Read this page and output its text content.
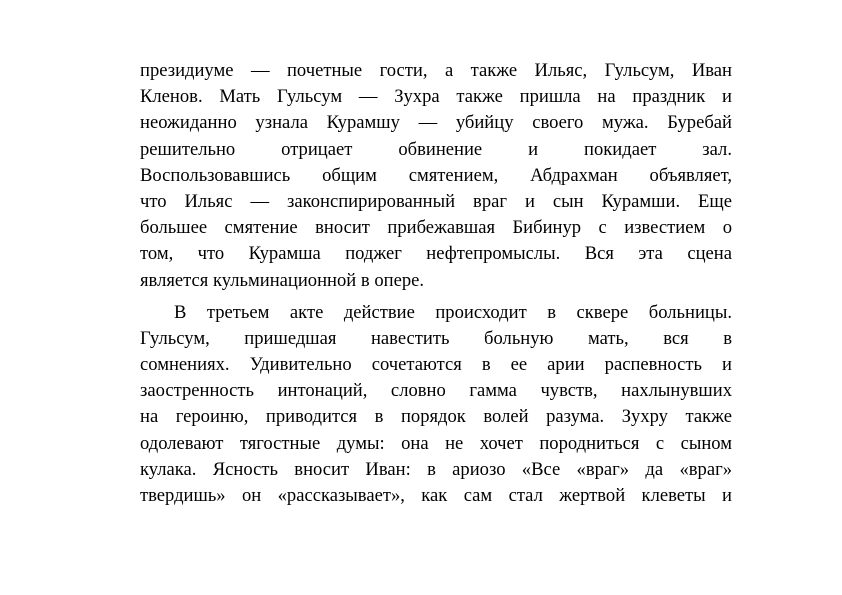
президиуме — почетные гости, а также Ильяс, Гульсум, Иван
Кленов. Мать Гульсум — Зухра также пришла на праздник и
неожиданно узнала Курамшу — убийцу своего мужа. Буребай
решительно отрицает обвинение и покидает зал.
Воспользовавшись общим смятением, Абдрахман объявляет,
что Ильяс — законспирированный враг и сын Курамши. Еще
большее смятение вносит прибежавшая Бибинур с известием о
том, что Курамша поджег нефтепромыслы. Вся эта сцена
является кульминационной в опере.

В третьем акте действие происходит в сквере больницы.
Гульсум, пришедшая навестить больную мать, вся в
сомнениях. Удивительно сочетаются в ее арии распевность и
заостренность интонаций, словно гамма чувств, нахлынувших
на героиню, приводится в порядок волей разума. Зухру также
одолевают тягостные думы: она не хочет породниться с сыном
кулака. Ясность вносит Иван: в ариозо «Все «враг» да «враг»
твердишь» он «рассказывает», как сам стал жертвой клеветы и
